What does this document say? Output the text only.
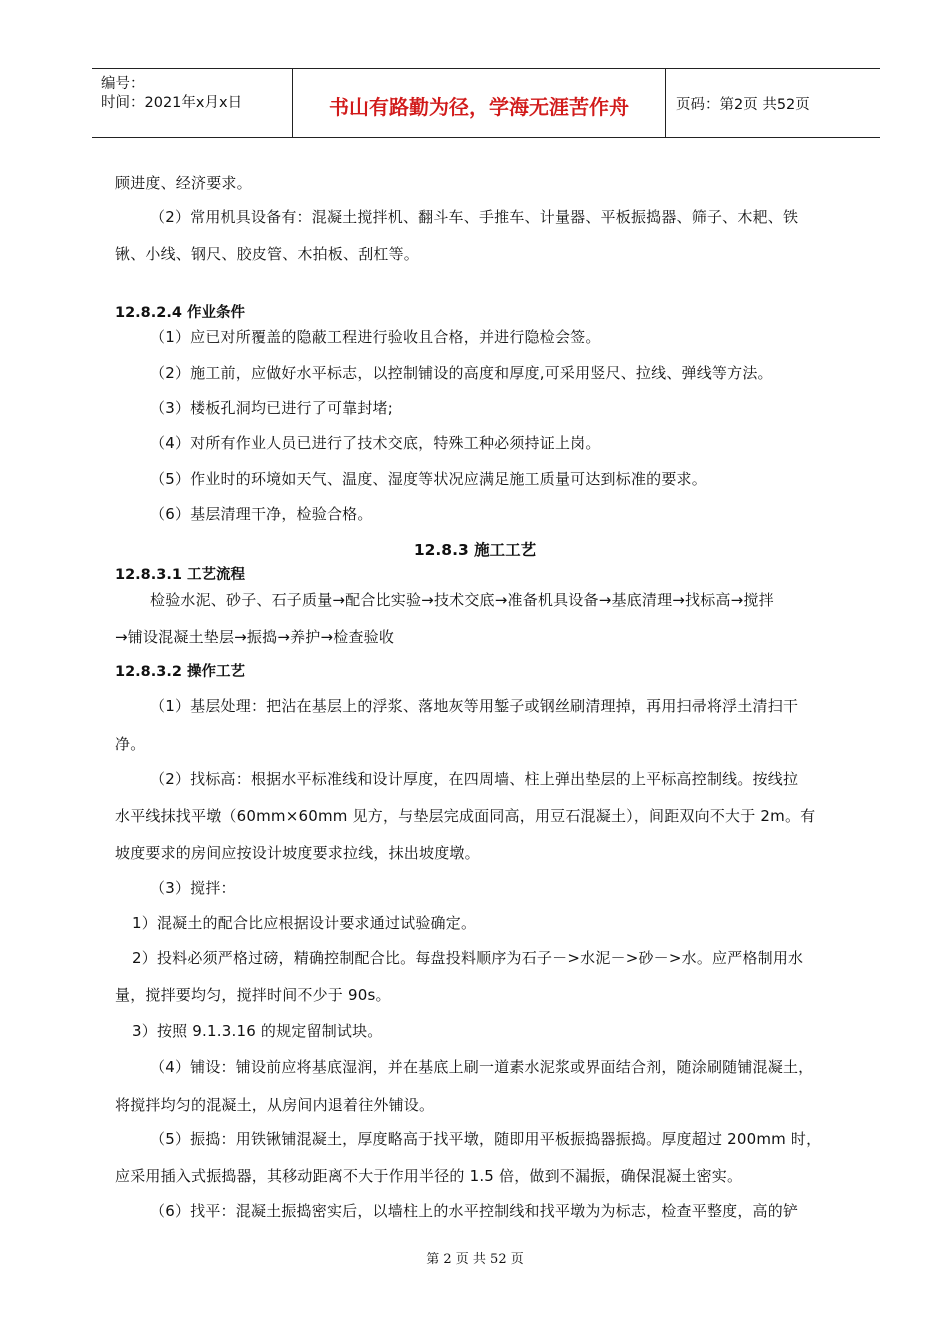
编号：
时间：2021年x月x日	书山有路勤为径，学海无涯苦作舟	页码：第2页 共52页
顾进度、经济要求。
（2）常用机具设备有：混凝土搅拌机、翻斗车、手推车、计量器、平板振捣器、筛子、木耙、铁
锹、小线、钢尺、胶皮管、木拍板、刮杠等。
12.8.2.4 作业条件
（1）应已对所覆盖的隐蔽工程进行验收且合格，并进行隐检会签。
（2）施工前，应做好水平标志，以控制铺设的高度和厚度,可采用竖尺、拉线、弹线等方法。
（3）楼板孔洞均已进行了可靠封堵;
（4）对所有作业人员已进行了技术交底，特殊工种必须持证上岗。
（5）作业时的环境如天气、温度、湿度等状况应满足施工质量可达到标准的要求。
（6）基层清理干净，检验合格。
12.8.3 施工工艺
12.8.3.1 工艺流程
检验水泥、砂子、石子质量→配合比实验→技术交底→准备机具设备→基底清理→找标高→搅拌
→铺设混凝土垫层→振捣→养护→检查验收
12.8.3.2 操作工艺
（1）基层处理：把沾在基层上的浮浆、落地灰等用錾子或钢丝刷清理掉，再用扫帚将浮土清扫干
净。
（2）找标高：根据水平标准线和设计厚度，在四周墙、柱上弹出垫层的上平标高控制线。按线拉
水平线抹找平墩（60mm×60mm 见方，与垫层完成面同高，用豆石混凝土），间距双向不大于 2m。有
坡度要求的房间应按设计坡度要求拉线，抹出坡度墩。
（3）搅拌：
1）混凝土的配合比应根据设计要求通过试验确定。
2）投料必须严格过磅，精确控制配合比。每盘投料顺序为石子－>水泥－>砂－>水。应严格制用水
量，搅拌要均匀，搅拌时间不少于 90s。
3）按照 9.1.3.16 的规定留制试块。
（4）铺设：铺设前应将基底湿润，并在基底上刷一道素水泥浆或界面结合剂，随涂刷随铺混凝土，
将搅拌均匀的混凝土，从房间内退着往外铺设。
（5）振捣：用铁锹铺混凝土，厚度略高于找平墩，随即用平板振捣器振捣。厚度超过 200mm 时，
应采用插入式振捣器，其移动距离不大于作用半径的 1.5 倍，做到不漏振，确保混凝土密实。
（6）找平：混凝土振捣密实后，以墙柱上的水平控制线和找平墩为为标志，检查平整度，高的铲
第 2 页 共 52 页
